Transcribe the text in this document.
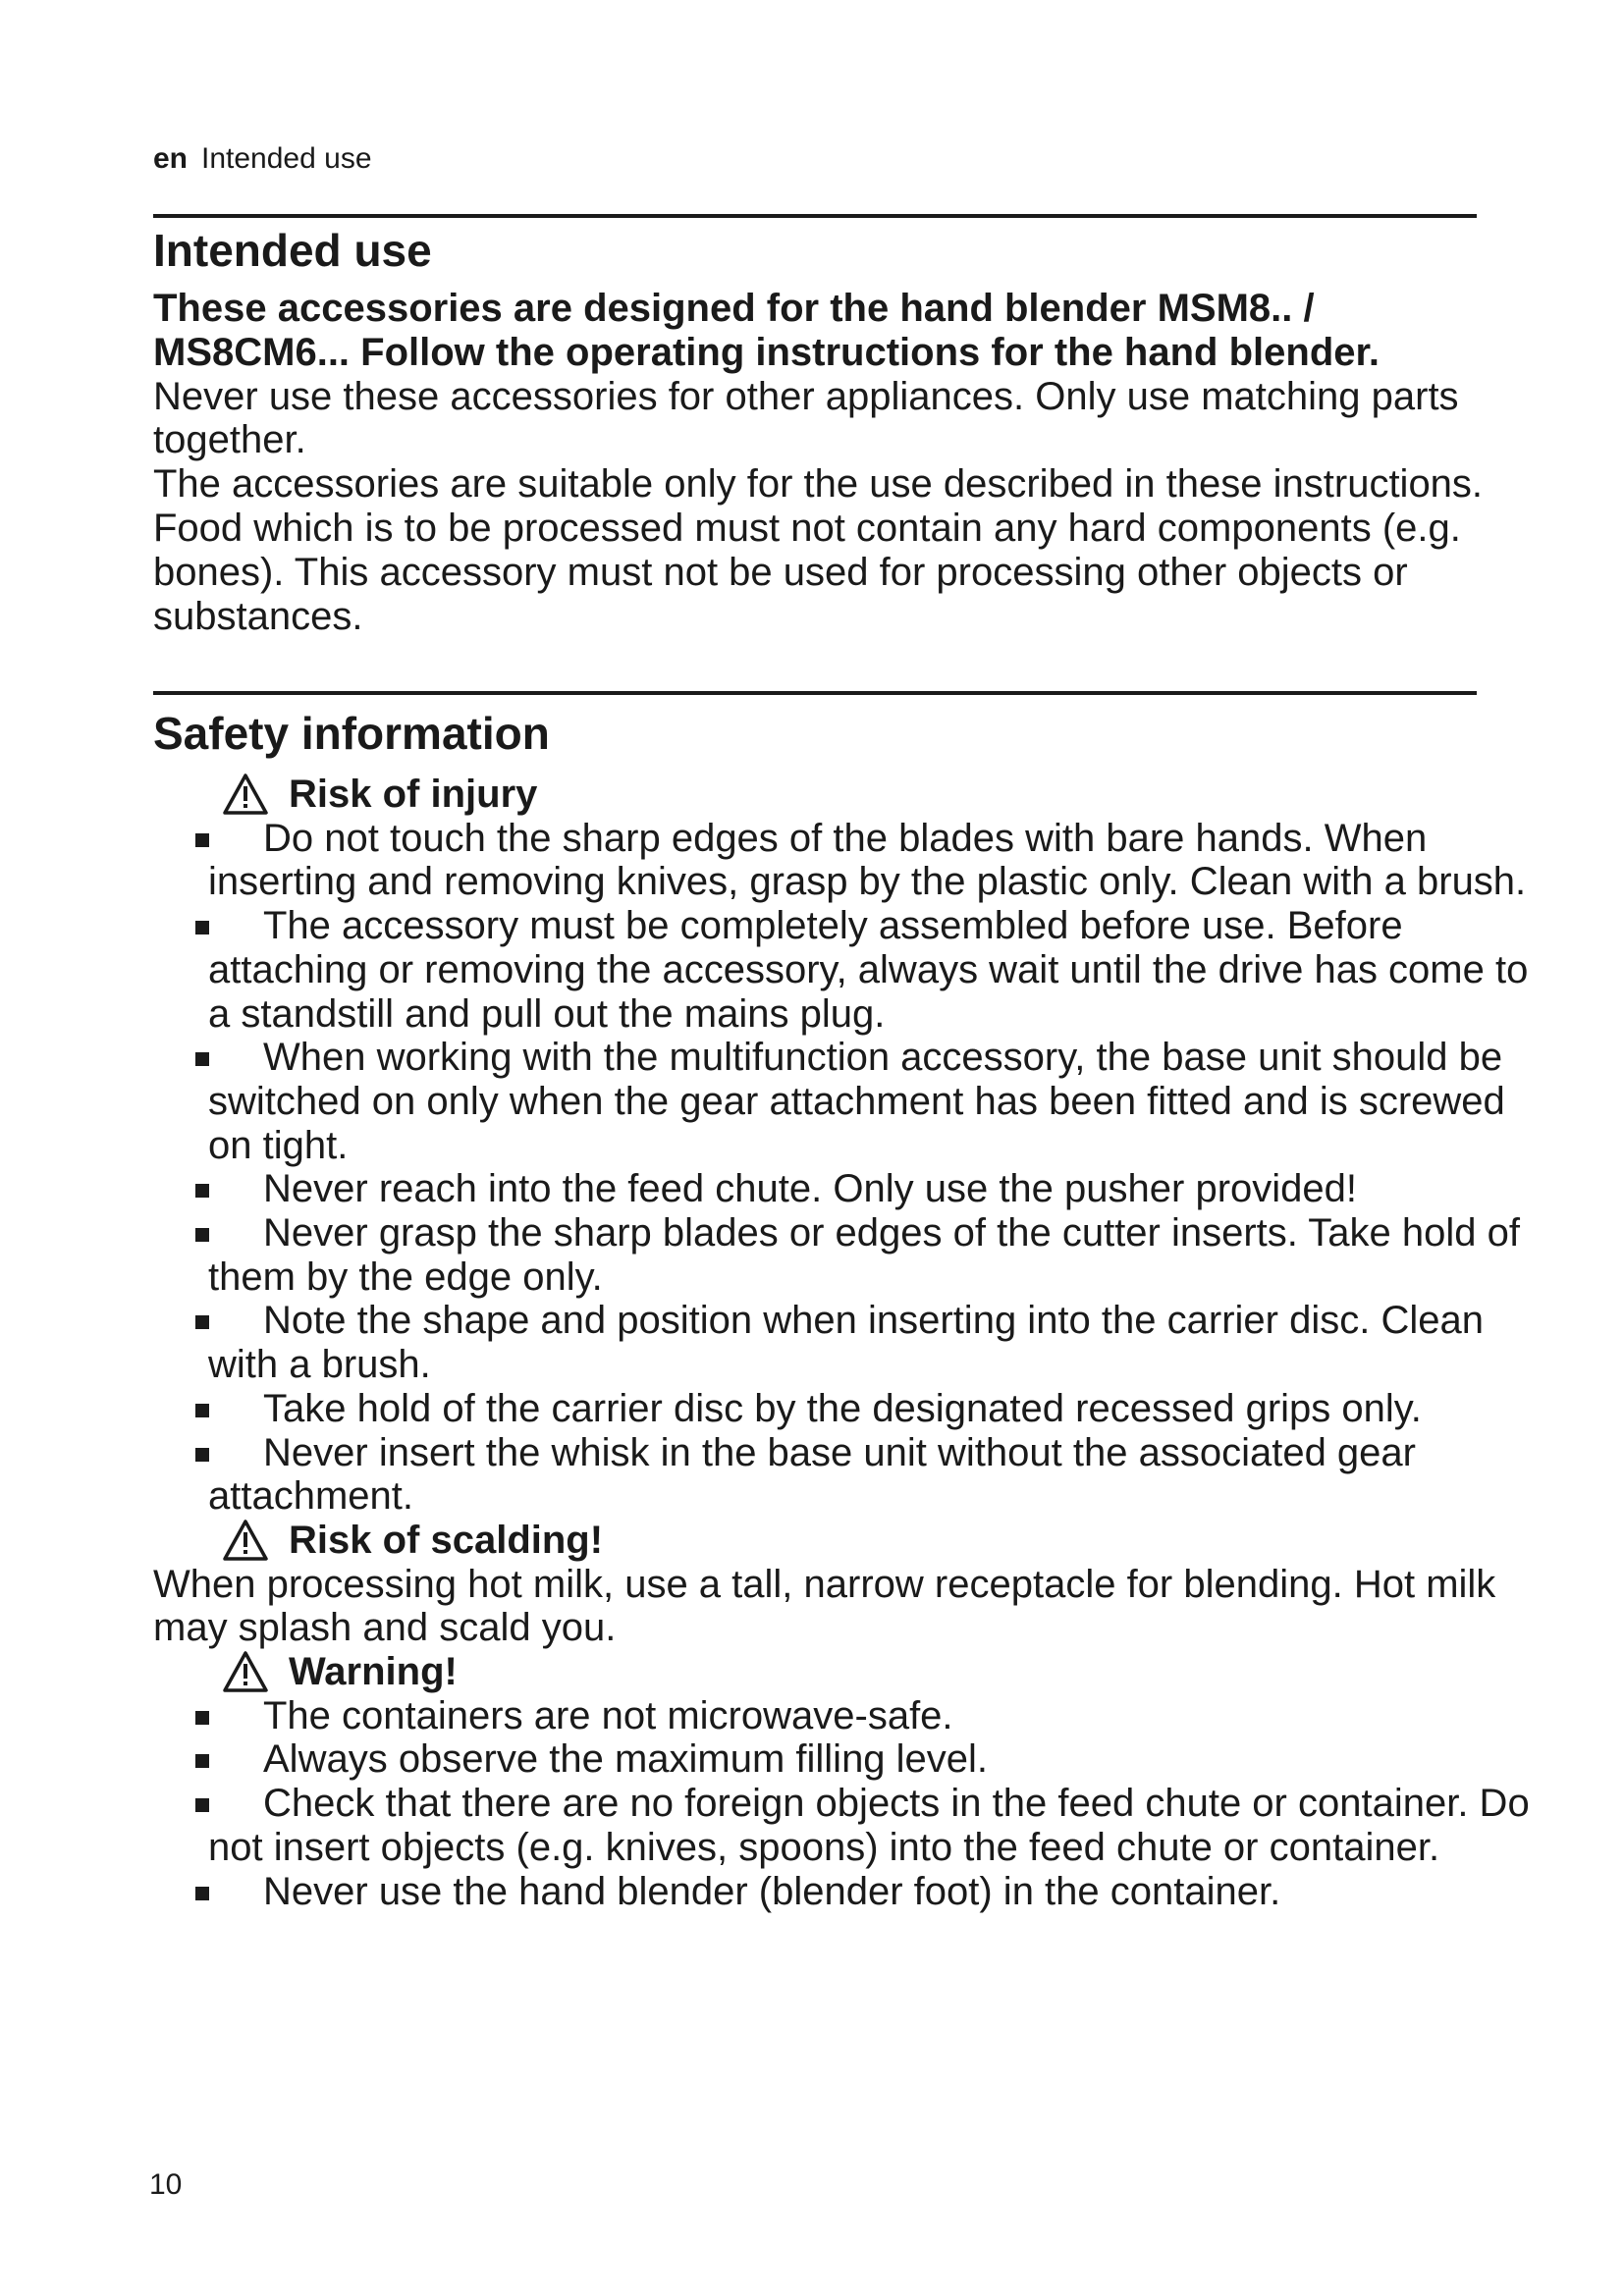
en Intended use
Intended use

These accessories are designed for the hand blender MSM8.. / MS8CM6... Follow the operating instructions for the hand blender.

Never use these accessories for other appliances. Only use matching parts together.

The accessories are suitable only for the use described in these instructions. Food which is to be processed must not contain any hard components (e.g. bones). This accessory must not be used for processing other objects or substances.

Safety information
Risk of injury
Do not touch the sharp edges of the blades with bare hands. When inserting and removing knives, grasp by the plastic only. Clean with a brush.
The accessory must be completely assembled before use. Before attaching or removing the accessory, always wait until the drive has come to a standstill and pull out the mains plug.
When working with the multifunction accessory, the base unit should be switched on only when the gear attachment has been fitted and is screwed on tight.
Never reach into the feed chute. Only use the pusher provided!
Never grasp the sharp blades or edges of the cutter inserts. Take hold of them by the edge only.
Note the shape and position when inserting into the carrier disc. Clean with a brush.
Take hold of the carrier disc by the designated recessed grips only.
Never insert the whisk in the base unit without the associated gear attachment.
Risk of scalding!

When processing hot milk, use a tall, narrow receptacle for blending. Hot milk may splash and scald you.

Warning!
The containers are not microwave-safe.
Always observe the maximum filling level.
Check that there are no foreign objects in the feed chute or container. Do not insert objects (e.g. knives, spoons) into the feed chute or container.
Never use the hand blender (blender foot) in the container.
10
